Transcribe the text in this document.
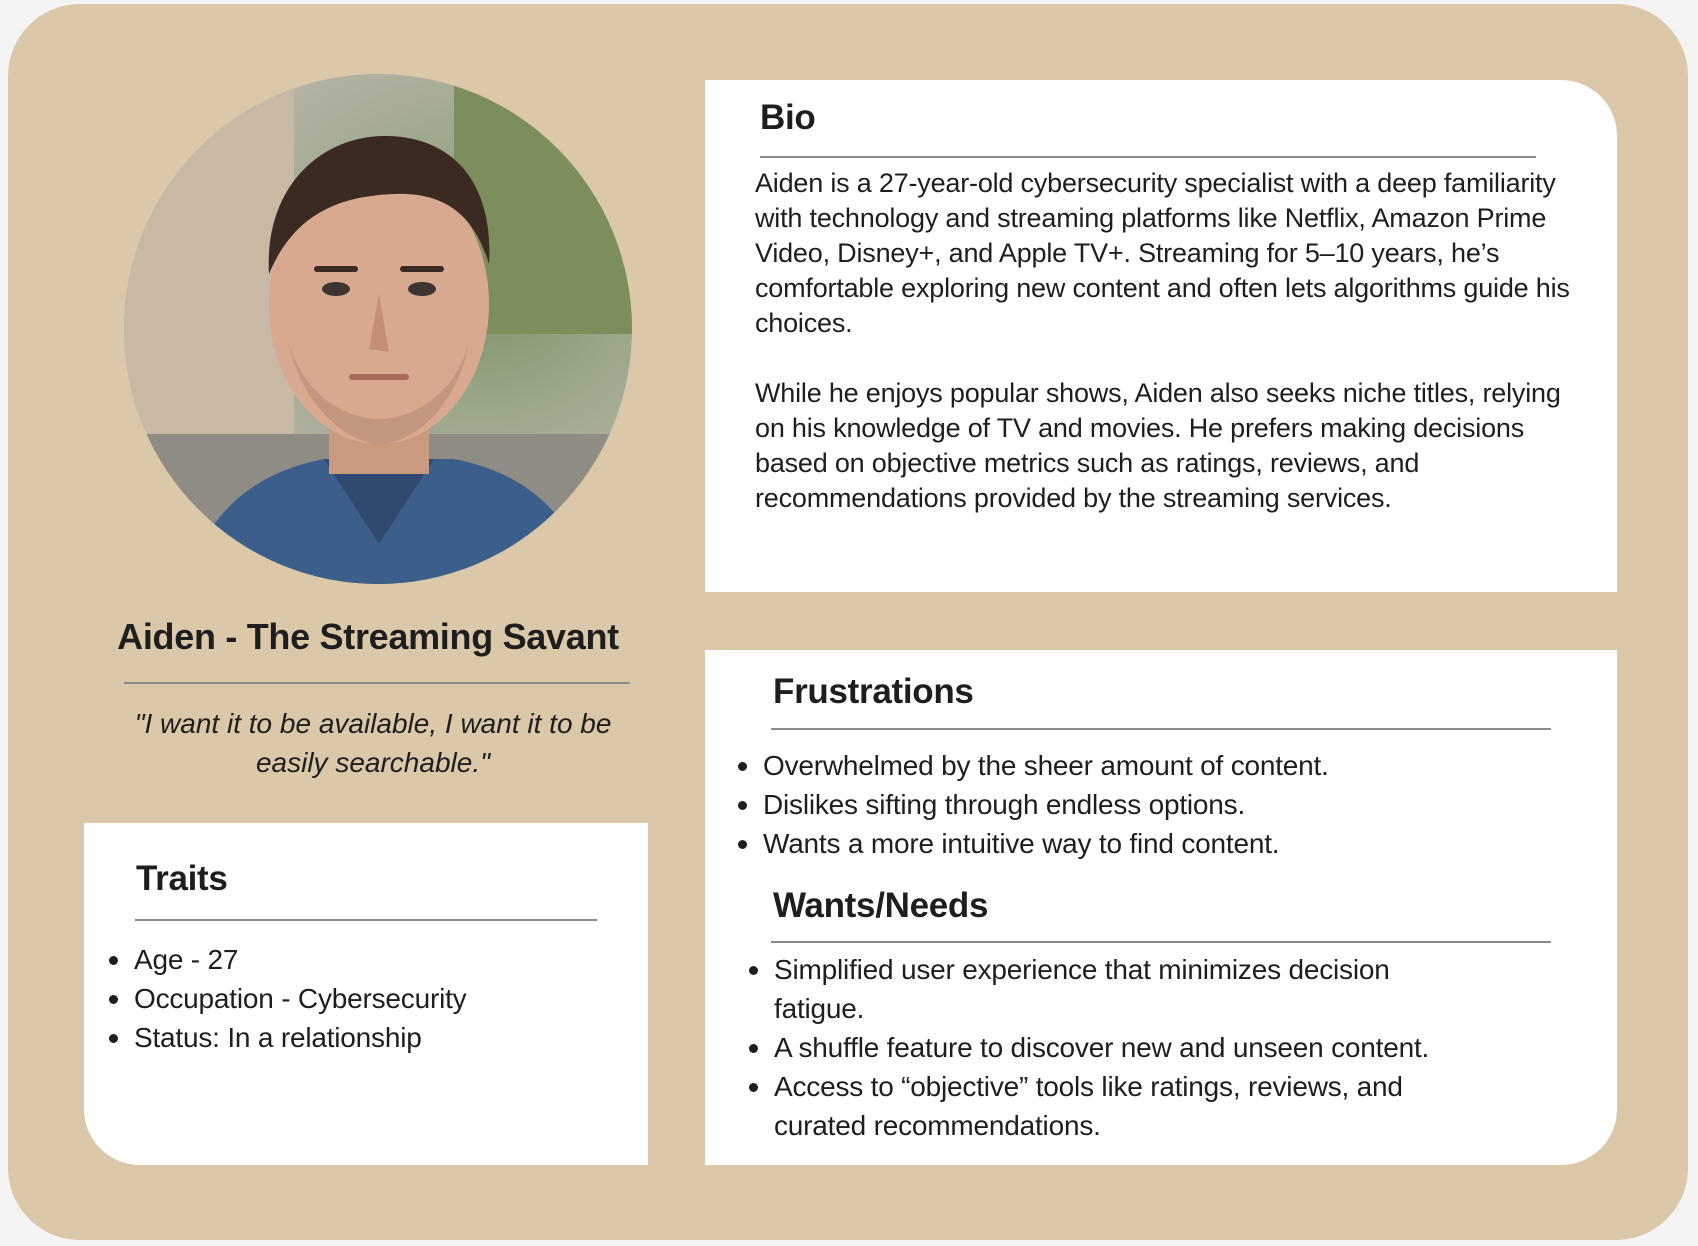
Aiden - The Streaming Savant
"I want it to be available, I want it to be easily searchable."
Traits
Age - 27
Occupation - Cybersecurity
Status: In a relationship
Bio

Aiden is a 27-year-old cybersecurity specialist with a deep familiarity with technology and streaming platforms like Netflix, Amazon Prime Video, Disney+, and Apple TV+. Streaming for 5–10 years, he’s comfortable exploring new content and often lets algorithms guide his choices.

While he enjoys popular shows, Aiden also seeks niche titles, relying on his knowledge of TV and movies. He prefers making decisions based on objective metrics such as ratings, reviews, and recommendations provided by the streaming services.

Frustrations
Overwhelmed by the sheer amount of content.
Dislikes sifting through endless options.
Wants a more intuitive way to find content.
Wants/Needs
Simplified user experience that minimizes decision fatigue.
A shuffle feature to discover new and unseen content.
Access to “objective” tools like ratings, reviews, and curated recommendations.
